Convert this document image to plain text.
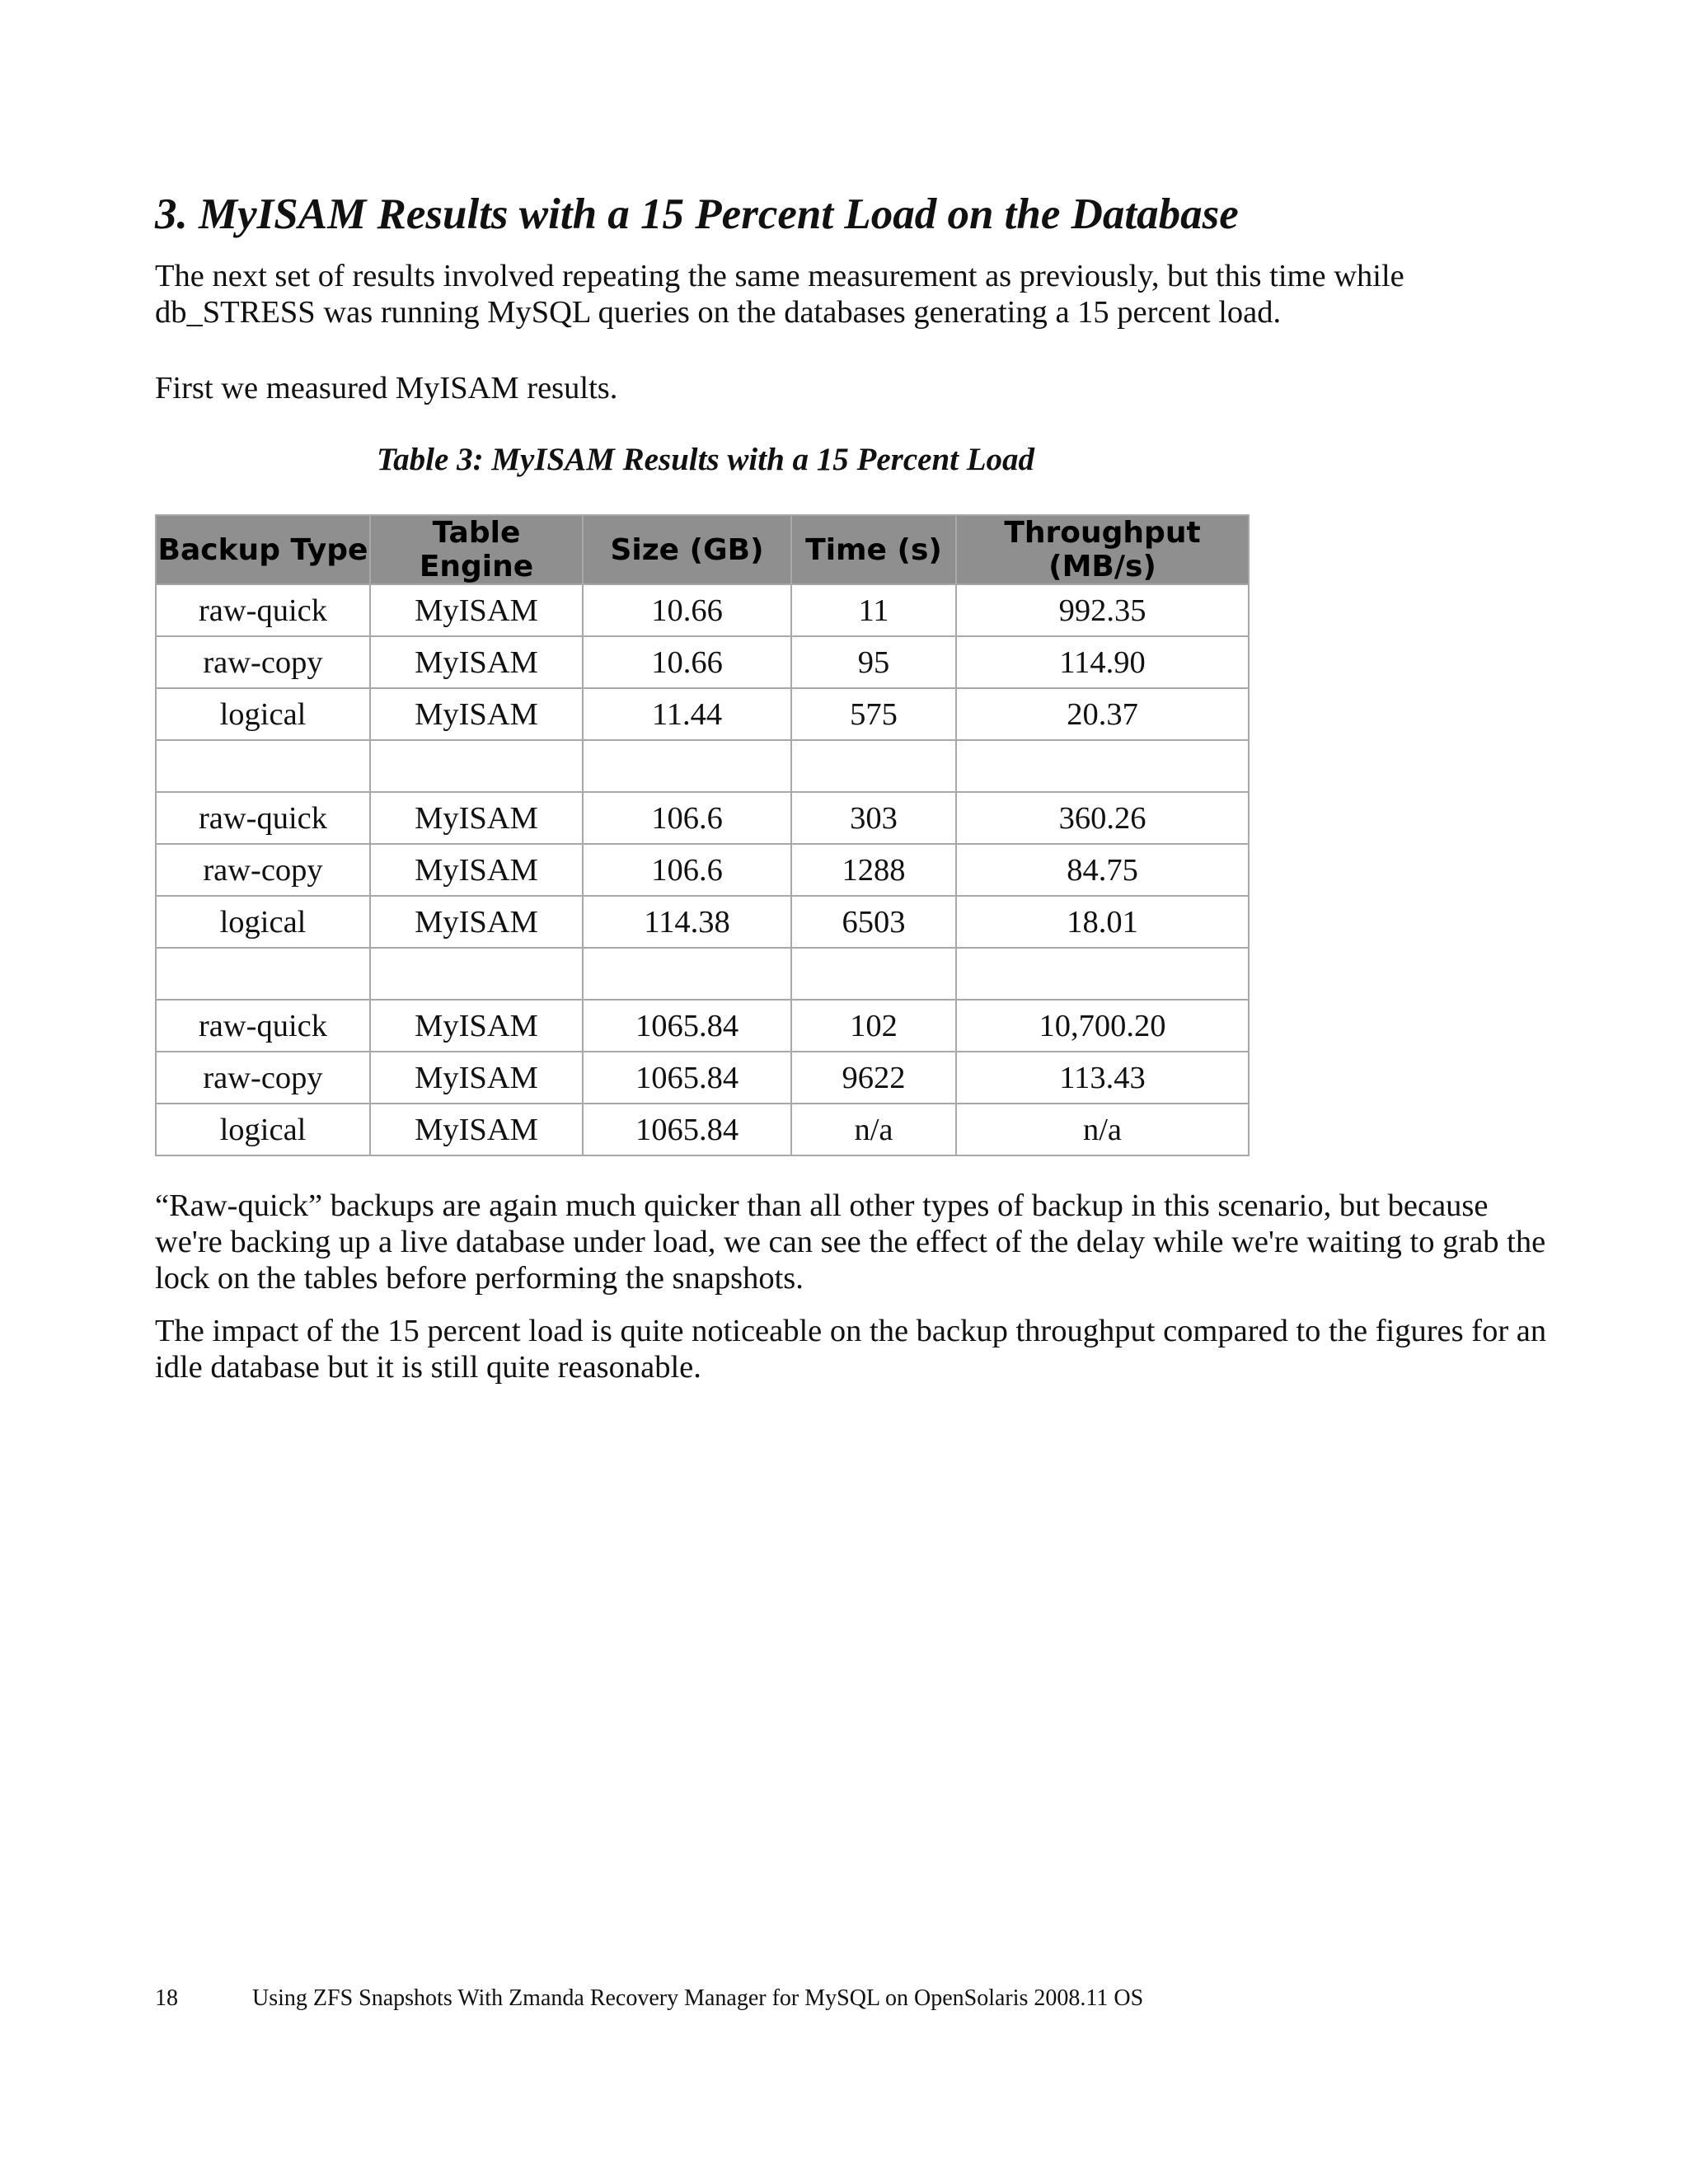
3. MyISAM Results with a 15 Percent Load on the Database

The next set of results involved repeating the same measurement as previously, but this time while db_STRESS was running MySQL queries on the databases generating a 15 percent load.

First we measured MyISAM results.

Table 3: MyISAM Results with a 15 Percent Load

Backup Type	Table Engine	Size (GB)	Time (s)	Throughput (MB/s)
raw-quick	MyISAM	10.66	11	992.35
raw-copy	MyISAM	10.66	95	114.90
logical	MyISAM	11.44	575	20.37

raw-quick	MyISAM	106.6	303	360.26
raw-copy	MyISAM	106.6	1288	84.75
logical	MyISAM	114.38	6503	18.01

raw-quick	MyISAM	1065.84	102	10,700.20
raw-copy	MyISAM	1065.84	9622	113.43
logical	MyISAM	1065.84	n/a	n/a

“Raw-quick” backups are again much quicker than all other types of backup in this scenario, but because we're backing up a live database under load, we can see the effect of the delay while we're waiting to grab the lock on the tables before performing the snapshots.

The impact of the 15 percent load is quite noticeable on the backup throughput compared to the figures for an idle database but it is still quite reasonable.

18	Using ZFS Snapshots With Zmanda Recovery Manager for MySQL on OpenSolaris 2008.11 OS
